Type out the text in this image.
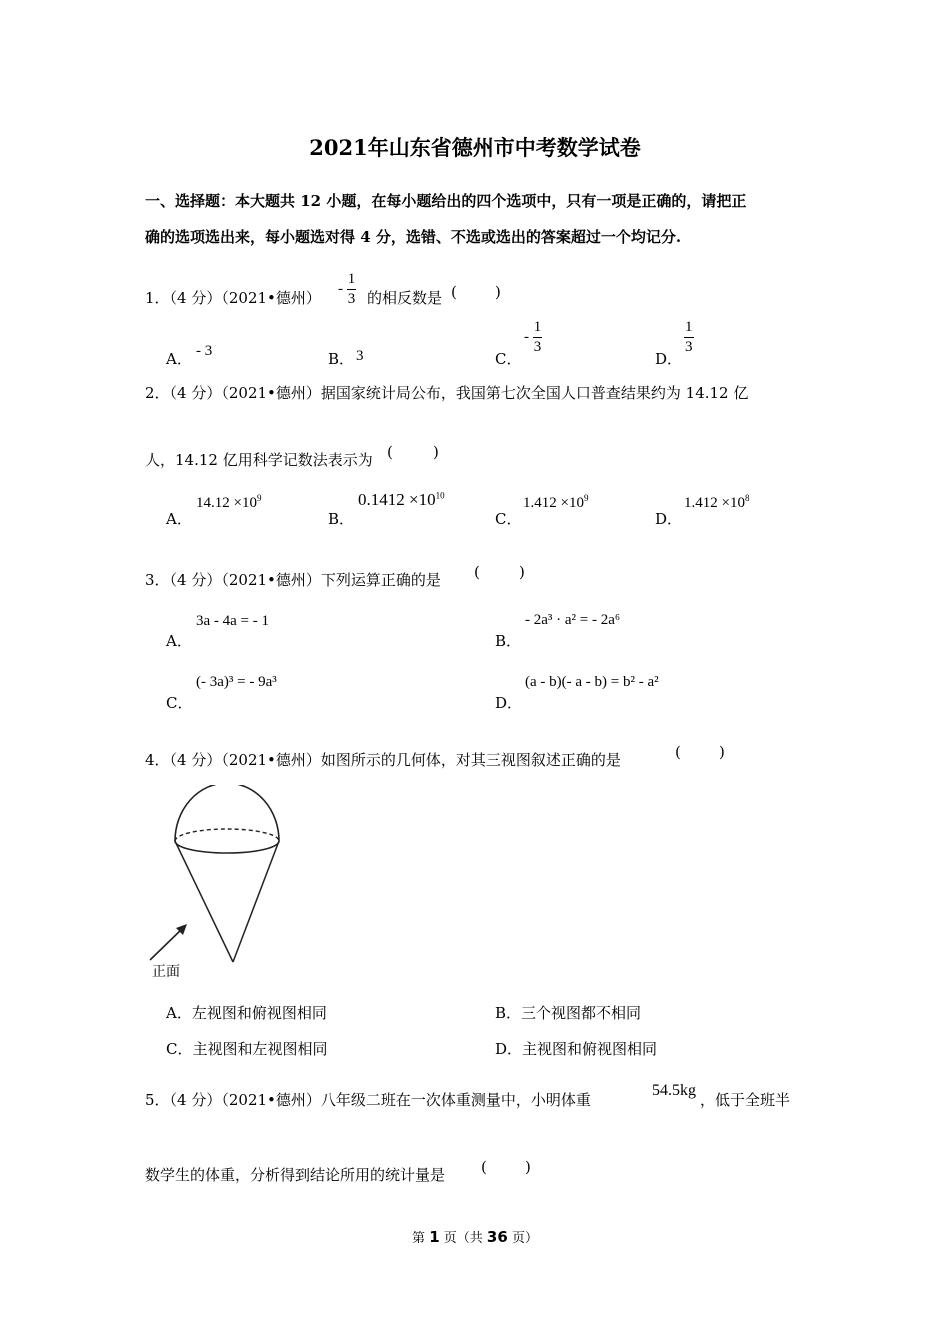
2021年山东省德州市中考数学试卷
一、选择题：本大题共 12 小题，在每小题给出的四个选项中，只有一项是正确的，请把正
确的选项选出来，每小题选对得 4 分，选错、不选或选出的答案超过一个均记分.
1．（4 分）（2021•德州） - $\frac{1}{3}$ 的相反数是 (	)
A． - 3	B． 3	C．
- $\frac{1}{3}$
D．
$\frac{1}{3}$
2．（4 分）（2021•德州）据国家统计局公布，我国第七次全国人口普查结果约为 14.12 亿
人，14.12 亿用科学记数法表示为 (	)
A．
$14.12 \times 10^9$
B．
$0.1412 \times 10^{10}$
C．
$1.412 \times 10^9$
D．
$1.412 \times 10^8$
3．（4 分）（2021•德州）下列运算正确的是 (	)
A．
3a - 4a = - 1
B．
- 2a³ · a² = - 2a⁶
C．
(- 3a)³ = - 9a³
D．
(a - b)(- a - b) = b² - a²
4．（4 分）（2021•德州）如图所示的几何体，对其三视图叙述正确的是	(	)
正面
A．左视图和俯视图相同	B．三个视图都不相同
C．主视图和左视图相同	D．主视图和俯视图相同
5．（4 分）（2021•德州）八年级二班在一次体重测量中，小明体重
54.5kg
，低于全班半
数学生的体重，分析得到结论所用的统计量是 (	)
第 1 页（共 36 页）
